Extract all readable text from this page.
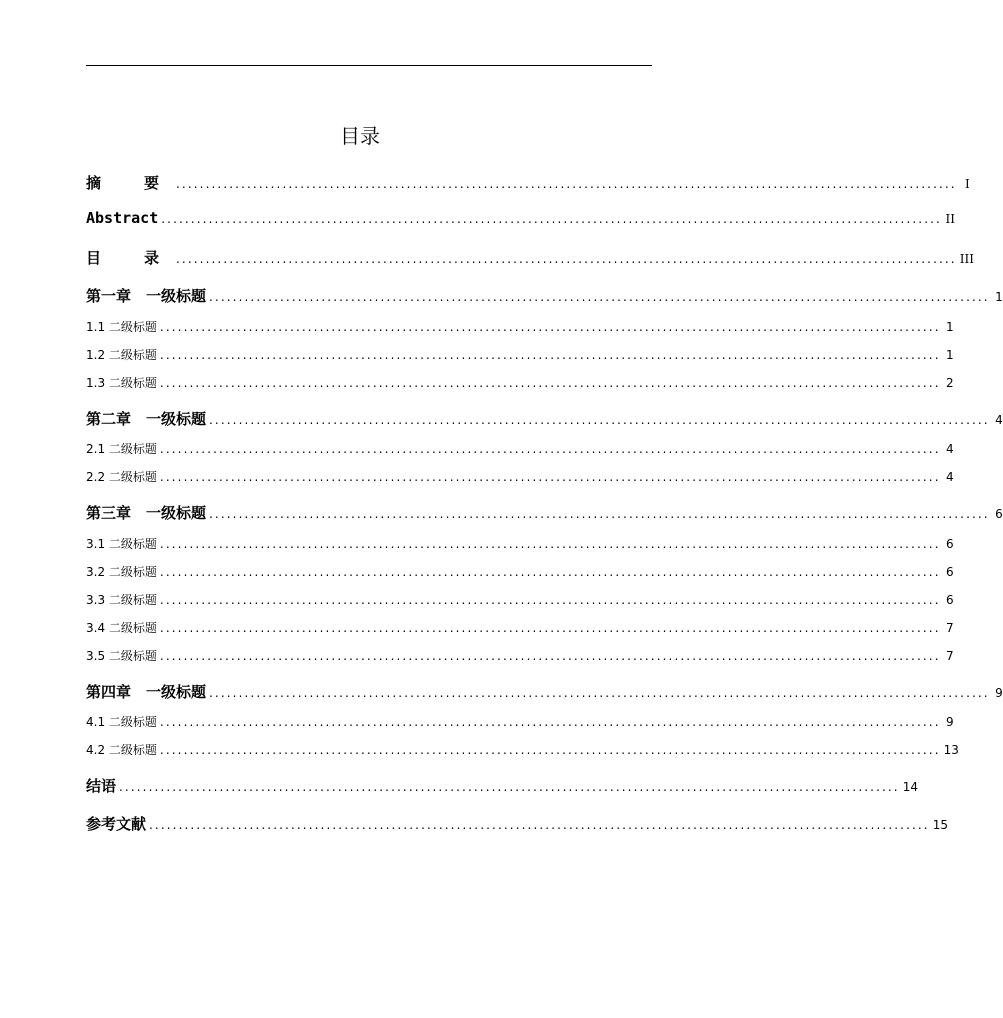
目录
摘　要 .................................................................................................................................... I
Abstract .................................................................................................................................... II
目　录 .................................................................................................................................... III
第一章　一级标题 .................................................................................................................................... 1
1.1 二级标题 .................................................................................................................................... 1
1.2 二级标题 .................................................................................................................................... 1
1.3 二级标题 .................................................................................................................................... 2
第二章　一级标题 .................................................................................................................................... 4
2.1 二级标题 .................................................................................................................................... 4
2.2 二级标题 .................................................................................................................................... 4
第三章　一级标题 .................................................................................................................................... 6
3.1 二级标题 .................................................................................................................................... 6
3.2 二级标题 .................................................................................................................................... 6
3.3 二级标题 .................................................................................................................................... 6
3.4 二级标题 .................................................................................................................................... 7
3.5 二级标题 .................................................................................................................................... 7
第四章　一级标题 .................................................................................................................................... 9
4.1 二级标题 .................................................................................................................................... 9
4.2 二级标题 .................................................................................................................................... 13
结语 .................................................................................................................................... 14
参考文献 .................................................................................................................................... 15
